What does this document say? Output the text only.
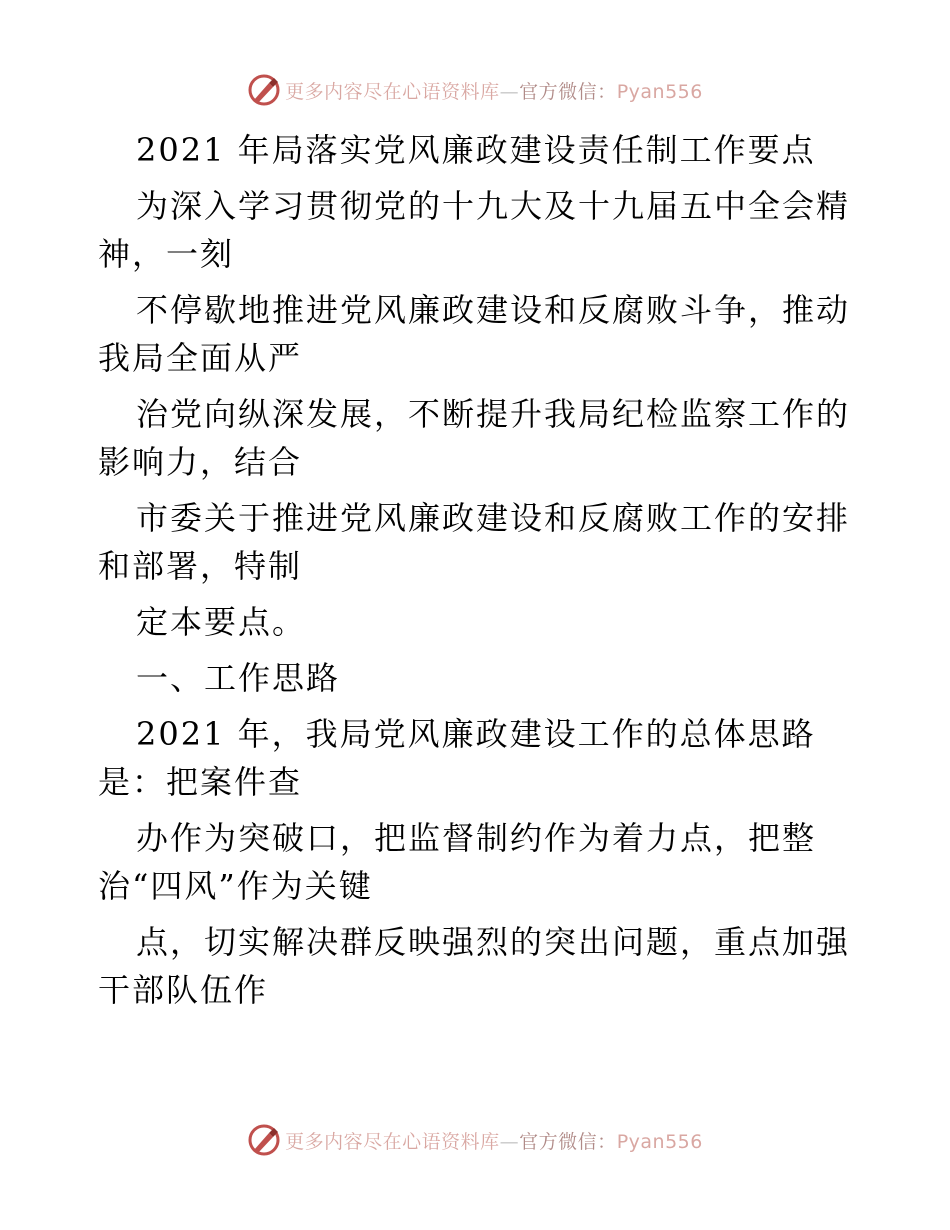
更多内容尽在心语资料库—官方微信：Pyan556
2021 年局落实党风廉政建设责任制工作要点
为深入学习贯彻党的十九大及十九届五中全会精
神，一刻
不停歇地推进党风廉政建设和反腐败斗争，推动
我局全面从严
治党向纵深发展，不断提升我局纪检监察工作的
影响力，结合
市委关于推进党风廉政建设和反腐败工作的安排
和部署，特制
定本要点。
一、工作思路
2021 年，我局党风廉政建设工作的总体思路
是：把案件查
办作为突破口，把监督制约作为着力点，把整
治“四风”作为关键
点，切实解决群反映强烈的突出问题，重点加强
干部队伍作
更多内容尽在心语资料库—官方微信：Pyan556
